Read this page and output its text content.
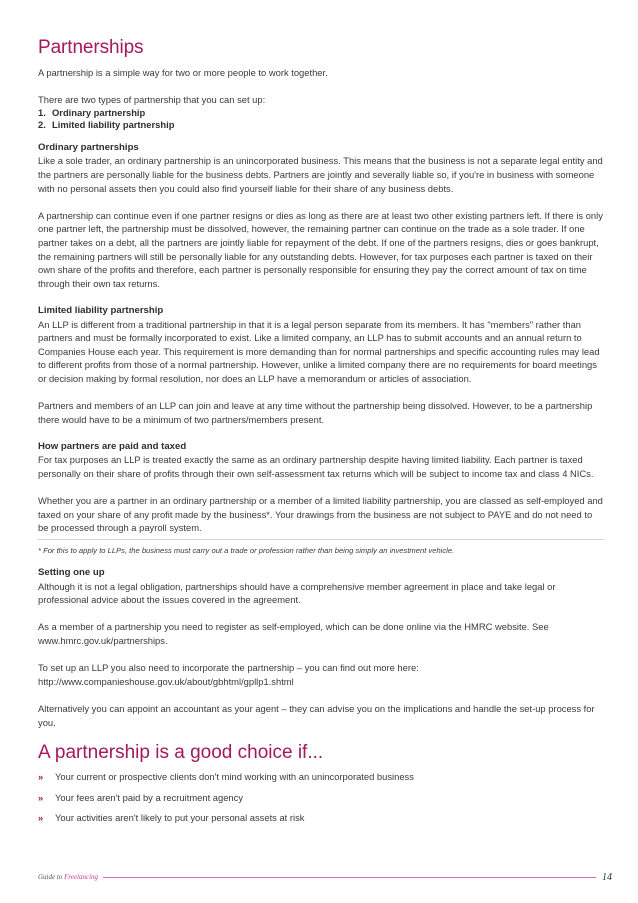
Partnerships

A partnership is a simple way for two or more people to work together.

There are two types of partnership that you can set up:

1. Ordinary partnership
2. Limited liability partnership
Ordinary partnerships

Like a sole trader, an ordinary partnership is an unincorporated business. This means that the business is not a separate legal entity and the partners are personally liable for the business debts. Partners are jointly and severally liable so, if you're in business with someone with no personal assets then you could also find yourself liable for their share of any business debts.

A partnership can continue even if one partner resigns or dies as long as there are at least two other existing partners left. If there is only one partner left, the partnership must be dissolved, however, the remaining partner can continue on the trade as a sole trader. If one partner takes on a debt, all the partners are jointly liable for repayment of the debt. If one of the partners resigns, dies or goes bankrupt, the remaining partners will still be personally liable for any outstanding debts. However, for tax purposes each partner is taxed on their own share of the profits and therefore, each partner is personally responsible for ensuring they pay the correct amount of tax on time through their own tax returns.

Limited liability partnership

An LLP is different from a traditional partnership in that it is a legal person separate from its members. It has "members" rather than partners and must be formally incorporated to exist. Like a limited company, an LLP has to submit accounts and an annual return to Companies House each year. This requirement is more demanding than for normal partnerships and specific accounting rules may lead to different profits from those of a normal partnership. However, unlike a limited company there are no requirements for board meetings or decision making by formal resolution, nor does an LLP have a memorandum or articles of association.

Partners and members of an LLP can join and leave at any time without the partnership being dissolved. However, to be a partnership there would have to be a minimum of two partners/members present.

How partners are paid and taxed

For tax purposes an LLP is treated exactly the same as an ordinary partnership despite having limited liability. Each partner is taxed personally on their share of profits through their own self-assessment tax returns which will be subject to income tax and class 4 NICs.

Whether you are a partner in an ordinary partnership or a member of a limited liability partnership, you are classed as self-employed and taxed on your share of any profit made by the business*. Your drawings from the business are not subject to PAYE and do not need to be processed through a payroll system.

* For this to apply to LLPs, the business must carry out a trade or profession rather than being simply an investment vehicle.

Setting one up

Although it is not a legal obligation, partnerships should have a comprehensive member agreement in place and take legal or professional advice about the issues covered in the agreement.

As a member of a partnership you need to register as self-employed, which can be done online via the HMRC website. See www.hmrc.gov.uk/partnerships.

To set up an LLP you also need to incorporate the partnership – you can find out more here: http://www.companieshouse.gov.uk/about/gbhtml/gpllp1.shtml

Alternatively you can appoint an accountant as your agent – they can advise you on the implications and handle the set-up process for you.

A partnership is a good choice if...
»	Your current or prospective clients don't mind working with an unincorporated business
»	Your fees aren't paid by a recruitment agency
»	Your activities aren't likely to put your personal assets at risk
Guide to Freelancing	14
